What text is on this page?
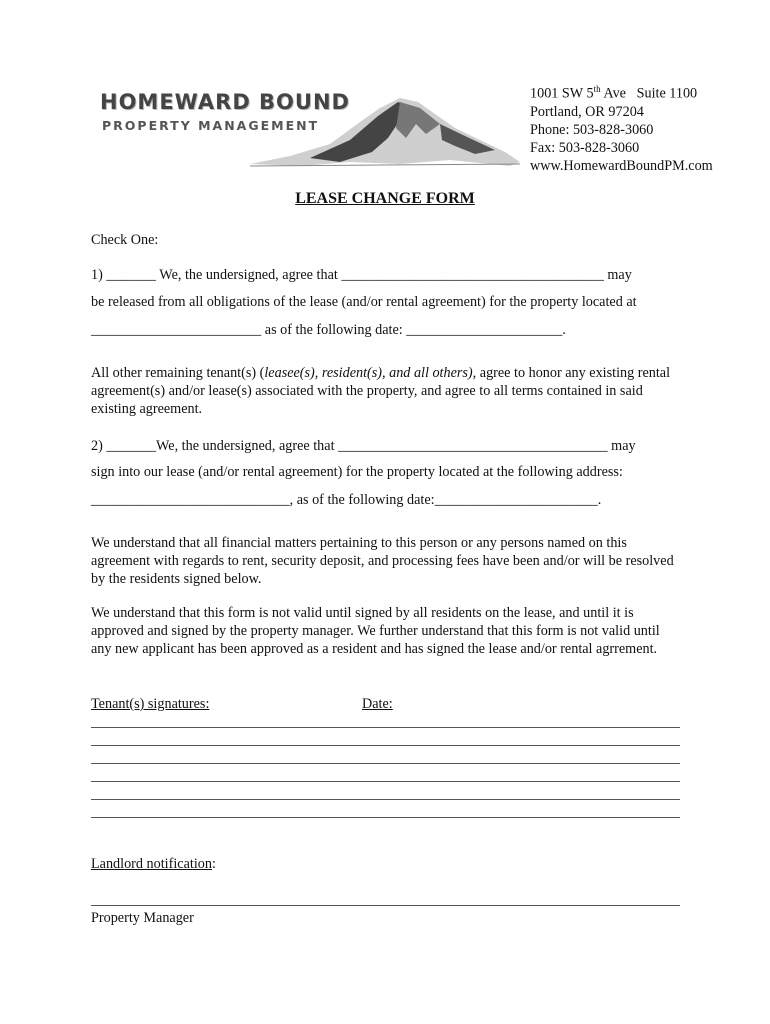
HOMEWARD BOUND
PROPERTY MANAGEMENT
1001 SW 5th Ave   Suite 1100
Portland, OR 97204
Phone: 503-828-3060
Fax: 503-828-3060
www.HomewardBoundPM.com
LEASE CHANGE FORM
Check One:
1) _______ We, the undersigned, agree that _____________________________________ may
be released from all obligations of the lease (and/or rental agreement) for the property located at
________________________ as of the following date: ______________________.
All other remaining tenant(s) (leasee(s), resident(s), and all others), agree to honor any existing rental agreement(s) and/or lease(s) associated with the property, and agree to all terms contained in said existing agreement.
2) _______We, the undersigned, agree that ______________________________________ may
sign into our lease (and/or rental agreement) for the property located at the following address:
____________________________, as of the following date:_______________________.
We understand that all financial matters pertaining to this person or any persons named on this agreement with regards to rent, security deposit, and processing fees have been and/or will be resolved by the residents signed below.
We understand that this form is not valid until signed by all residents on the lease, and until it is approved and signed by the property manager. We further understand that this form is not valid until any new applicant has been approved as a resident and has signed the lease and/or rental agrrement.
Tenant(s) signatures:	Date:
Landlord notification:
Property Manager
